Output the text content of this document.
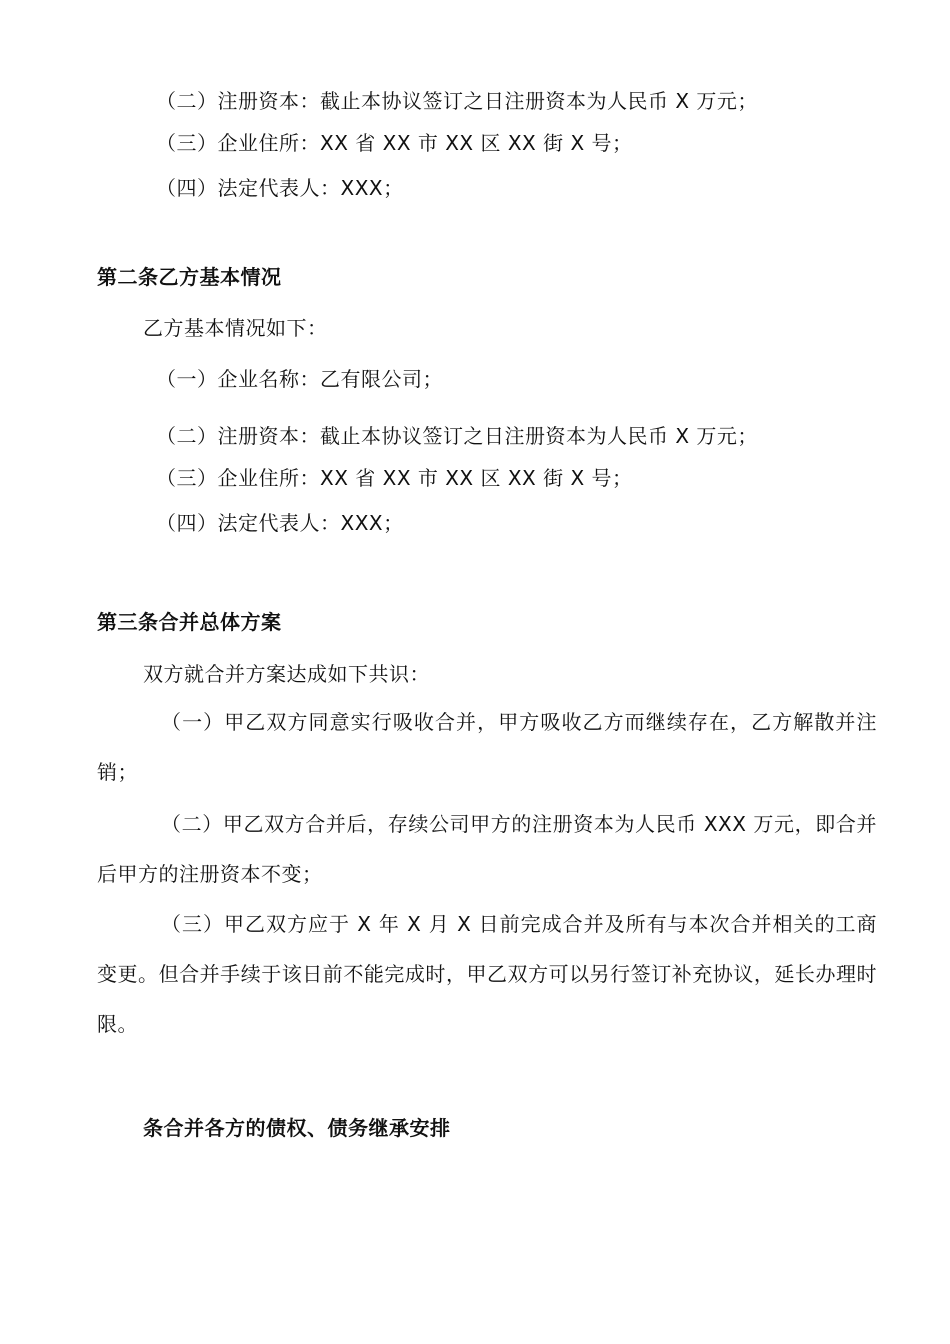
（二）注册资本：截止本协议签订之日注册资本为人民币 X 万元；
（三）企业住所：XX 省 XX 市 XX 区 XX 街 X 号；
（四）法定代表人：XXX；
第二条乙方基本情况
乙方基本情况如下：
（一）企业名称：乙有限公司；
（二）注册资本：截止本协议签订之日注册资本为人民币 X 万元；
（三）企业住所：XX 省 XX 市 XX 区 XX 街 X 号；
（四）法定代表人：XXX；
第三条合并总体方案
双方就合并方案达成如下共识：
（一）甲乙双方同意实行吸收合并，甲方吸收乙方而继续存在，乙方解散并注销；
（二）甲乙双方合并后，存续公司甲方的注册资本为人民币 XXX 万元，即合并后甲方的注册资本不变；
（三）甲乙双方应于 X 年 X 月 X 日前完成合并及所有与本次合并相关的工商变更。但合并手续于该日前不能完成时，甲乙双方可以另行签订补充协议，延长办理时限。
条合并各方的债权、债务继承安排
